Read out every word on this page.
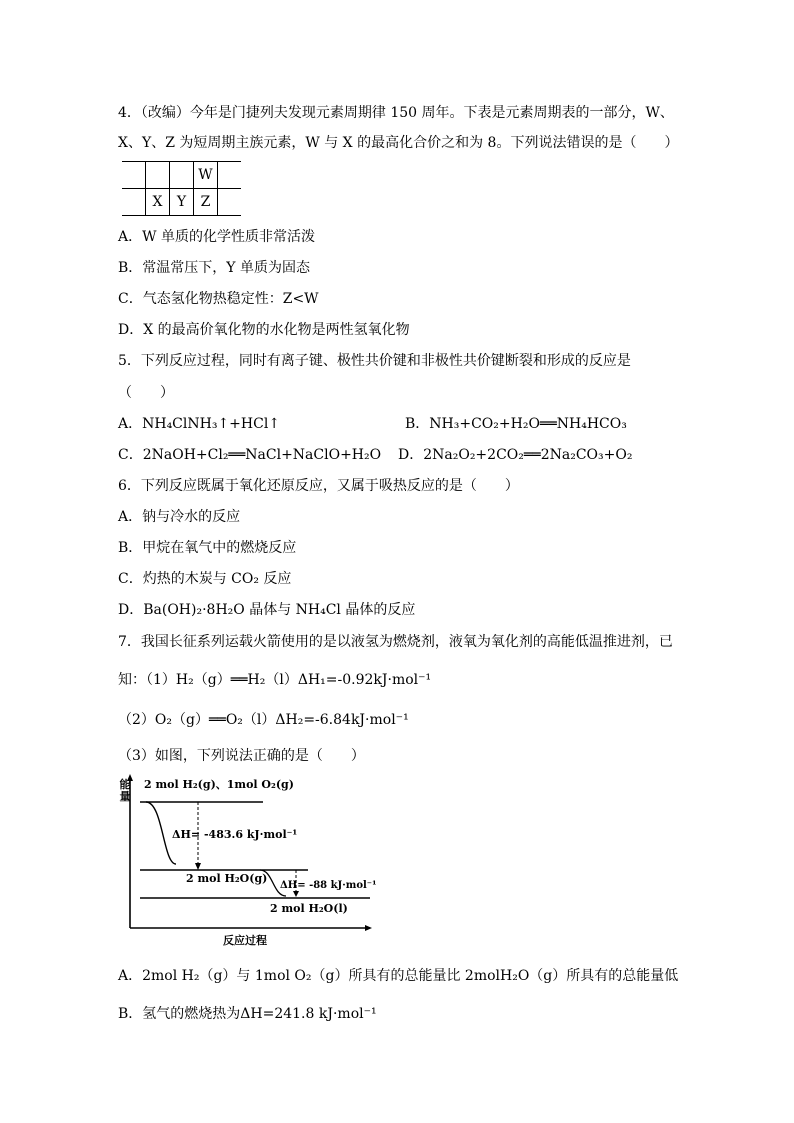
4．（改编）今年是门捷列夫发现元素周期律 150 周年。下表是元素周期表的一部分，W、
X、Y、Z 为短周期主族元素，W 与 X 的最高化合价之和为 8。下列说法错误的是（　　）
			W	
	X	Y	Z	
A．W 单质的化学性质非常活泼
B．常温常压下，Y 单质为固态
C．气态氢化物热稳定性：Z<W
D．X 的最高价氧化物的水化物是两性氢氧化物
5．下列反应过程，同时有离子键、极性共价键和非极性共价键断裂和形成的反应是
（　　）
A．NH₄ClNH₃↑+HCl↑	B．NH₃+CO₂+H₂O══NH₄HCO₃
C．2NaOH+Cl₂══NaCl+NaClO+H₂O D．2Na₂O₂+2CO₂══2Na₂CO₃+O₂
6．下列反应既属于氧化还原反应，又属于吸热反应的是（　　）
A．钠与冷水的反应
B．甲烷在氧气中的燃烧反应
C．灼热的木炭与 CO₂ 反应
D．Ba(OH)₂·8H₂O 晶体与 NH₄Cl 晶体的反应
7．我国长征系列运载火箭使用的是以液氢为燃烧剂，液氧为氧化剂的高能低温推进剂，已
知：（1）H₂（g）══H₂（l）ΔH₁=-0.92kJ·mol⁻¹
（2）O₂（g）══O₂（l）ΔH₂=-6.84kJ·mol⁻¹
（3）如图，下列说法正确的是（　　）
能
量
2 mol H₂(g)、1mol O₂(g)
ΔH= -483.6 kJ·mol⁻¹
2 mol H₂O(g)
ΔH= -88 kJ·mol⁻¹
2 mol H₂O(l)
反应过程
A．2mol H₂（g）与 1mol O₂（g）所具有的总能量比 2molH₂O（g）所具有的总能量低
B．氢气的燃烧热为ΔH=241.8 kJ·mol⁻¹
